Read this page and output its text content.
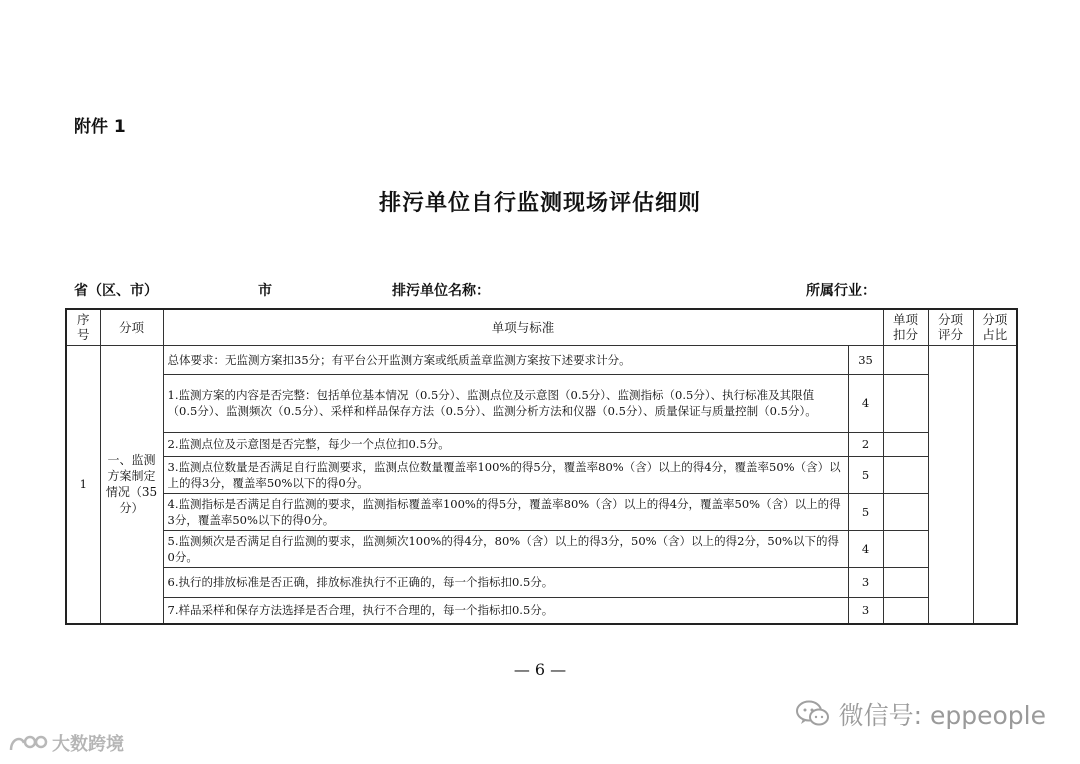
附件 1
排污单位自行监测现场评估细则
省（区、市）	市	排污单位名称：	所属行业：
序号	分项	单项与标准		单项扣分	分项评分	分项占比
1	一、监测方案制定情况（35分）	总体要求：无监测方案扣35分；有平台公开监测方案或纸质盖章监测方案按下述要求计分。	35			
		1.监测方案的内容是否完整：包括单位基本情况（0.5分）、监测点位及示意图（0.5分）、监测指标（0.5分）、执行标准及其限值（0.5分）、监测频次（0.5分）、采样和样品保存方法（0.5分）、监测分析方法和仪器（0.5分）、质量保证与质量控制（0.5分）。	4			
		2.监测点位及示意图是否完整，每少一个点位扣0.5分。	2			
		3.监测点位数量是否满足自行监测要求，监测点位数量覆盖率100%的得5分，覆盖率80%（含）以上的得4分，覆盖率50%（含）以上的得3分，覆盖率50%以下的得0分。	5			
		4.监测指标是否满足自行监测的要求，监测指标覆盖率100%的得5分，覆盖率80%（含）以上的得4分，覆盖率50%（含）以上的得3分，覆盖率50%以下的得0分。	5			
		5.监测频次是否满足自行监测的要求，监测频次100%的得4分，80%（含）以上的得3分，50%（含）以上的得2分，50%以下的得0分。	4			
		6.执行的排放标准是否正确，排放标准执行不正确的，每一个指标扣0.5分。	3			
		7.样品采样和保存方法选择是否合理，执行不合理的，每一个指标扣0.5分。	3			
— 6 —
微信号: eppeople
大数跨境
